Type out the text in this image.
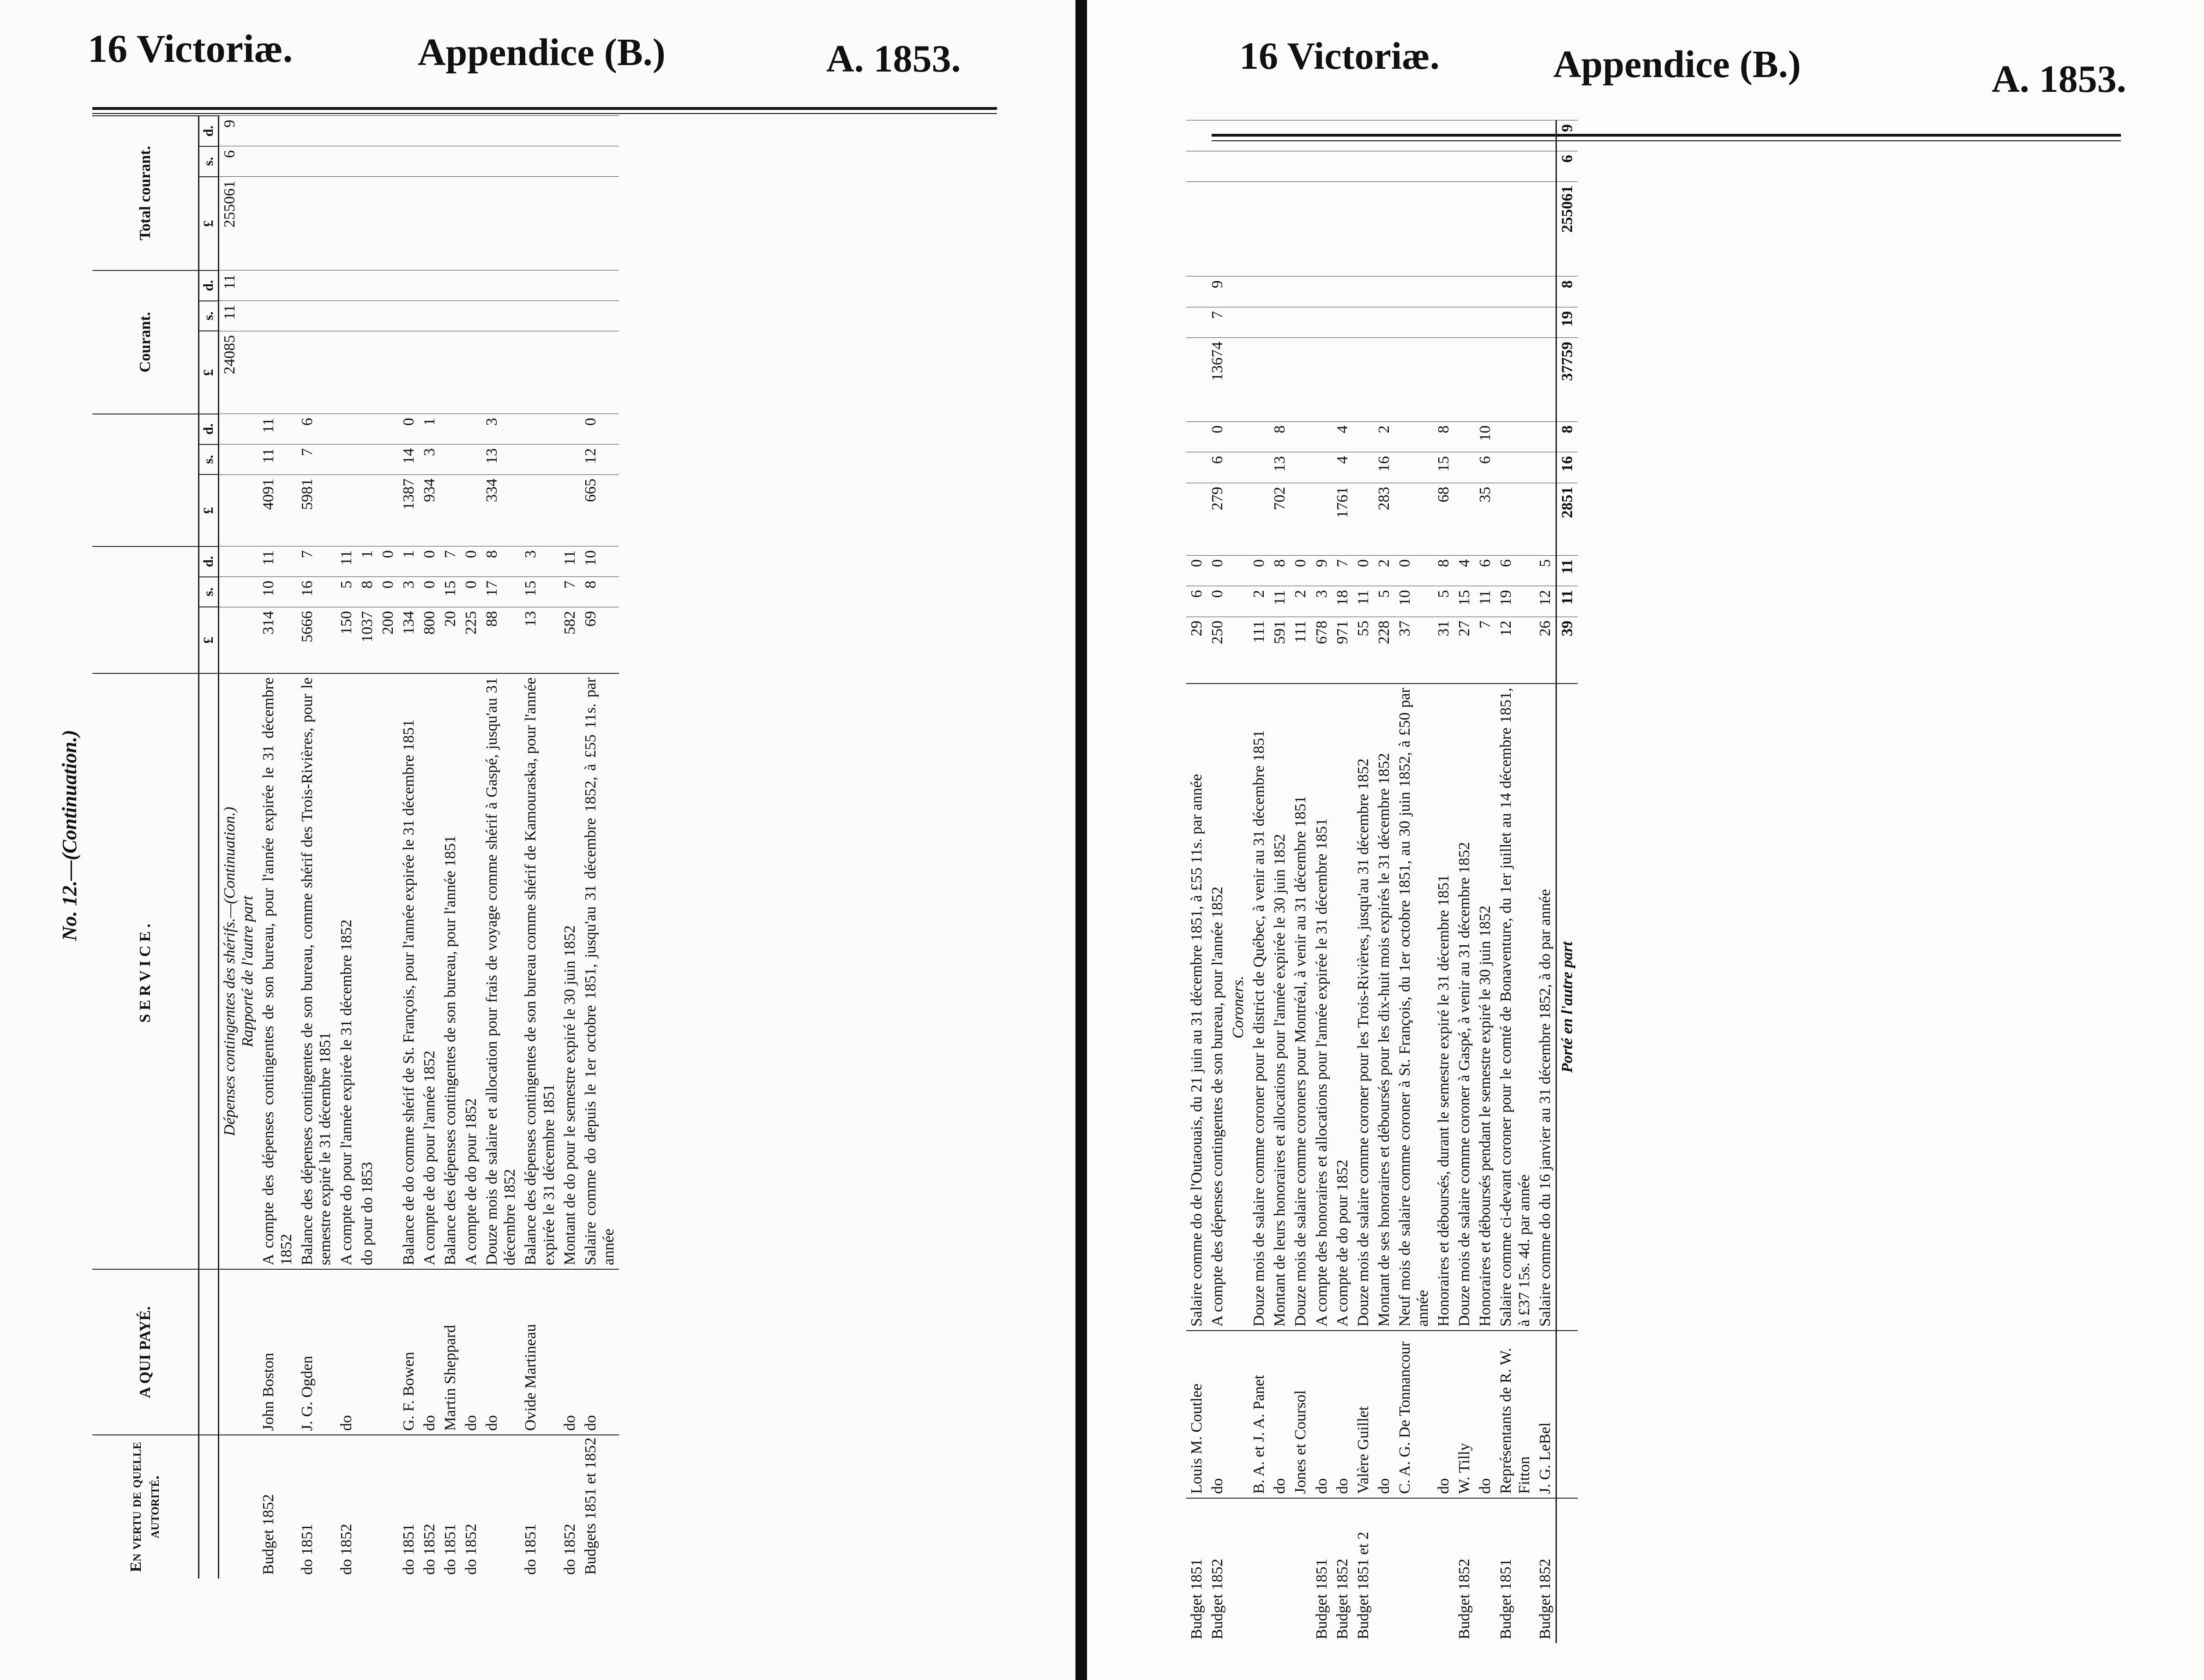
16 Victoriæ.	Appendice (B.)	A. 1853.
No. 12.—(Continuation.)
En vertu de quelle autorité.	A QUI PAYÉ.	SERVICE.							Courant.			Total courant.		
			£	s.	d.	£	s.	d.	£	s.	d.	£	s.	d.

		Dépenses contingentes des shérifs.—(Continuation.) Rapporté de l'autre part							24085	11	11	255061	6	9
Budget 1852	John Boston	A compte des dépenses contingentes de son bureau, pour l'année expirée le 31 décembre 1852	314	10	11	4091	11	11						
do 1851	J. G. Ogden	Balance des dépenses contingentes de son bureau, comme shérif des Trois-Rivières, pour le semestre expiré le 31 décembre 1851	5666	16	7	5981	7	6						
do 1852	do	A compte do pour l'année expirée le 31 décembre 1852	150	5	11									
		do pour do 1853	1037	8	1									
			200	0	0									
do 1851	G. F. Bowen	Balance de do comme shérif de St. François, pour l'année expirée le 31 décembre 1851	134	3	1	1387	14	0						
do 1852	do	A compte de do pour l'année 1852	800	0	0	934	3	1						
do 1851	Martin Sheppard	Balance des dépenses contingentes de son bureau, pour l'année 1851	20	15	7									
do 1852	do	A compte de do pour 1852	225	0	0									
	do	Douze mois de salaire et allocation pour frais de voyage comme shérif à Gaspé, jusqu'au 31 décembre 1852	88	17	8	334	13	3						
do 1851	Ovide Martineau	Balance des dépenses contingentes de son bureau comme shérif de Kamouraska, pour l'année expirée le 31 décembre 1851	13	15	3									
do 1852	do	Montant de do pour le semestre expiré le 30 juin 1852	582	7	11									
Budgets 1851 et 1852	do	Salaire comme do depuis le 1er octobre 1851, jusqu'au 31 décembre 1852, à £55 11s. par année	69	8	10	665	12	0						
16 Victoriæ.	Appendice (B.)	A. 1853.
Budget 1851	Louis M. Coutlee	Salaire comme do de l'Outaouais, du 21 juin au 31 décembre 1851, à £55 11s. par année	29	6	0									
Budget 1852	do	A compte des dépenses contingentes de son bureau, pour l'année 1852	250	0	0	279	6	0	13674	7	9			
		Coroners.												
	B. A. et J. A. Panet	Douze mois de salaire comme coroner pour le district de Québec, à venir au 31 décembre 1851	111	2	0									
	do	Montant de leurs honoraires et allocations pour l'année expirée le 30 juin 1852	591	11	8	702	13	8						
	Jones et Coursol	Douze mois de salaire comme coroners pour Montréal, à venir au 31 décembre 1851	111	2	0									
Budget 1851	do	A compte des honoraires et allocations pour l'année expirée le 31 décembre 1851	678	3	9									
Budget 1852	do	A compte de do pour 1852	971	18	7	1761	4	4						
Budget 1851 et 2	Valère Guillet	Douze mois de salaire comme coroner pour les Trois-Rivières, jusqu'au 31 décembre 1852	55	11	0									
	do	Montant de ses honoraires et déboursés pour les dix-huit mois expirés le 31 décembre 1852	228	5	2	283	16	2						
	C. A. G. De Tonnancour	Neuf mois de salaire comme coroner à St. François, du 1er octobre 1851, au 30 juin 1852, à £50 par année	37	10	0									
	do	Honoraires et déboursés, durant le semestre expiré le 31 décembre 1851	31	5	8	68	15	8						
Budget 1852	W. Tilly	Douze mois de salaire comme coroner à Gaspé, à venir au 31 décembre 1852	27	15	4									
	do	Honoraires et déboursés pendant le semestre expiré le 30 juin 1852	7	11	6	35	6	10						
Budget 1851	Représentants de R. W. Fitton	Salaire comme ci-devant coroner pour le comté de Bonaventure, du 1er juillet au 14 décembre 1851, à £37 15s. 4d. par année	12	19	6									
Budget 1852	J. G. LeBel	Salaire comme do du 16 janvier au 31 décembre 1852, à do par année	26	12	5									
		Porté en l'autre part	39	11	11	2851	16	8	37759	19	8	255061	6	9
